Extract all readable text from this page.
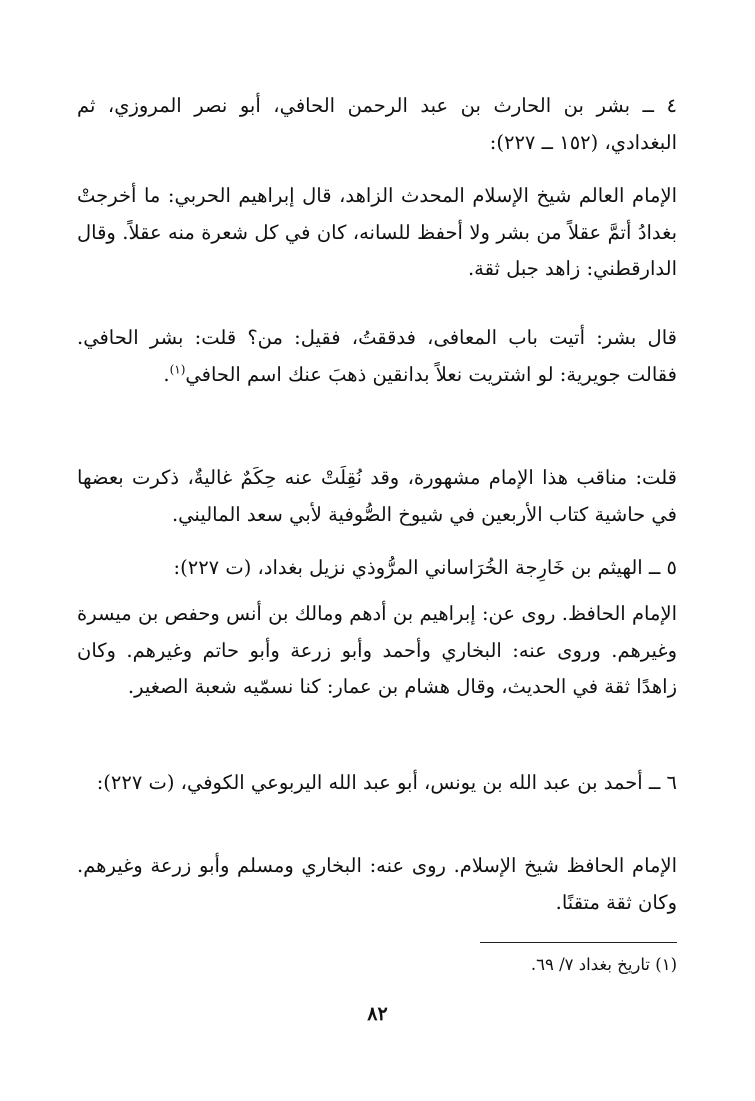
٤ ــ بشر بن الحارث بن عبد الرحمن الحافي، أبو نصر المروزي، ثم البغدادي، (١٥٢ ــ ٢٢٧):
الإمام العالم شيخ الإسلام المحدث الزاهد، قال إبراهيم الحربي: ما أخرجتْ بغدادُ أتمَّ عقلاً من بشر ولا أحفظ للسانه، كان في كل شعرة منه عقلاً. وقال الدارقطني: زاهد جبل ثقة.
قال بشر: أتيت باب المعافى، فدققتُ، فقيل: من؟ قلت: بشر الحافي. فقالت جويرية: لو اشتريت نعلاً بدانقين ذهبَ عنك اسم الحافي$^{(١)}$.
قلت: مناقب هذا الإمام مشهورة، وقد نُقِلَتْ عنه حِكَمٌ غاليةٌ، ذكرت بعضها في حاشية كتاب الأربعين في شيوخ الصُّوفية لأبي سعد الماليني.
٥ ــ الهيثم بن خَارِجة الخُرَاساني المرُّوذي نزيل بغداد، (ت ٢٢٧):
الإمام الحافظ. روى عن: إبراهيم بن أدهم ومالك بن أنس وحفص بن ميسرة وغيرهم. وروى عنه: البخاري وأحمد وأبو زرعة وأبو حاتم وغيرهم. وكان زاهدًا ثقة في الحديث، وقال هشام بن عمار: كنا نسمّيه شعبة الصغير.
٦ ــ أحمد بن عبد الله بن يونس، أبو عبد الله اليربوعي الكوفي، (ت ٢٢٧):
الإمام الحافظ شيخ الإسلام. روى عنه: البخاري ومسلم وأبو زرعة وغيرهم. وكان ثقة متقنًا.
(١) تاريخ بغداد ٧/ ٦٩.
٨٢
